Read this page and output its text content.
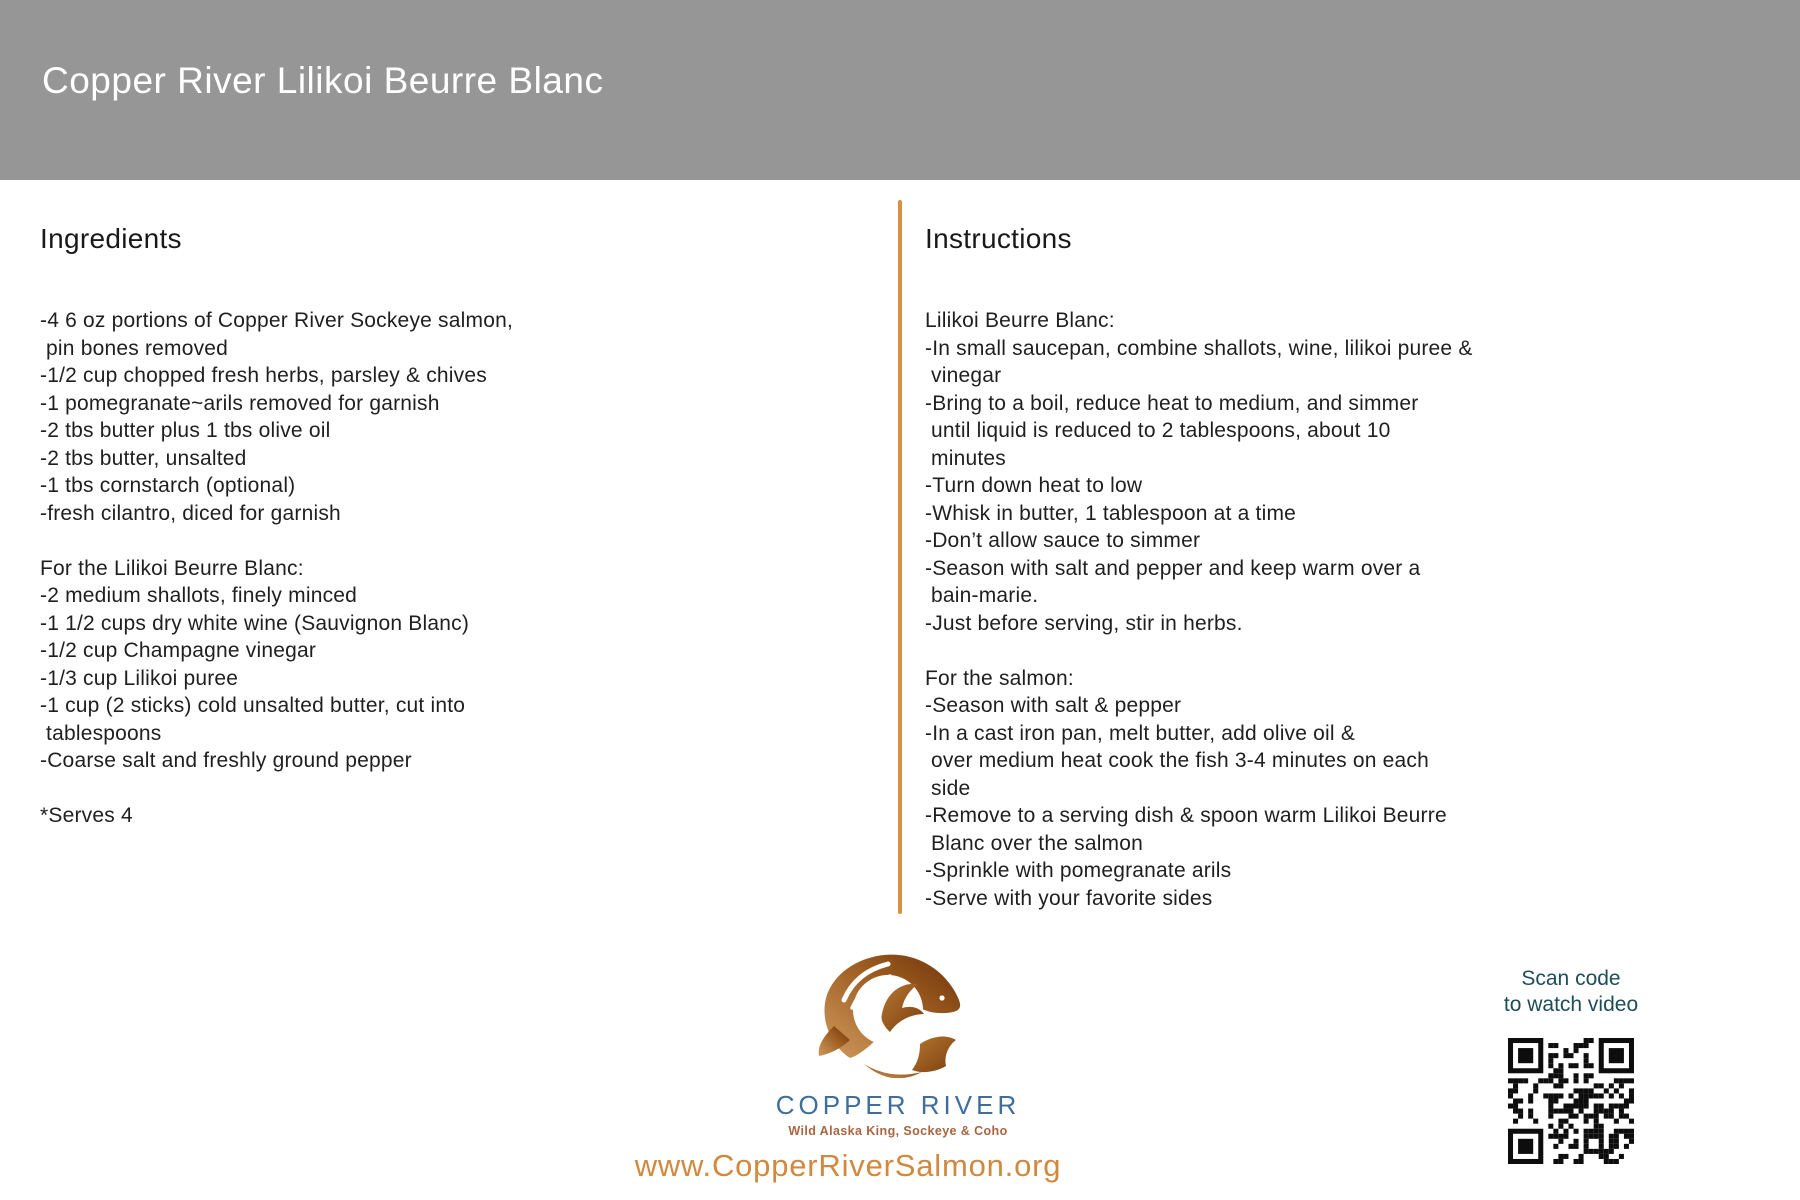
Copper River Lilikoi Beurre Blanc
Ingredients
-4 6 oz portions of Copper River Sockeye salmon,
pin bones removed
-1/2 cup chopped fresh herbs, parsley & chives
-1 pomegranate~arils removed for garnish
-2 tbs butter plus 1 tbs olive oil
-2 tbs butter, unsalted
-1 tbs cornstarch (optional)
-fresh cilantro, diced for garnish
For the Lilikoi Beurre Blanc:
-2 medium shallots, finely minced
-1 1/2 cups dry white wine (Sauvignon Blanc)
-1/2 cup Champagne vinegar
-1/3 cup Lilikoi puree
-1 cup (2 sticks) cold unsalted butter, cut into
tablespoons
-Coarse salt and freshly ground pepper
*Serves 4
Instructions
Lilikoi Beurre Blanc:
-In small saucepan, combine shallots, wine, lilikoi puree &
vinegar
-Bring to a boil, reduce heat to medium, and simmer
until liquid is reduced to 2 tablespoons, about 10
minutes
-Turn down heat to low
-Whisk in butter, 1 tablespoon at a time
-Don’t allow sauce to simmer
-Season with salt and pepper and keep warm over a
bain-marie.
-Just before serving, stir in herbs.
For the salmon:
-Season with salt & pepper
-In a cast iron pan, melt butter, add olive oil &
over medium heat cook the fish 3-4 minutes on each
side
-Remove to a serving dish & spoon warm Lilikoi Beurre
Blanc over the salmon
-Sprinkle with pomegranate arils
-Serve with your favorite sides
COPPER RIVER
Wild Alaska King, Sockeye & Coho
www.CopperRiverSalmon.org
Scan code
to watch video
